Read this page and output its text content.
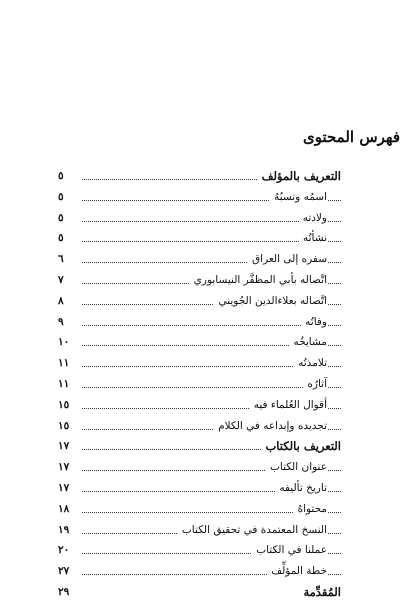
فهرس المحتوى
التعريف بالمؤلف
٥
اسمُه ونسبُهُ
٥
ولادته
٥
نشأتُه
٥
سفره إلى العراق
٦
اتَّصاله بأبي المظفَّر النيسابوري
٧
اتَّصاله بعلاءالدين الجُويني
٨
وفاتُه
٩
مشايخُه
١٠
تلامذتُه
١١
آثارُه
١١
أقوال العُلماء فيه
١٥
تجديده وإبداعه في الكلام
١٥
التعريف بالكتاب
١٧
عنوان الكتاب
١٧
تاريخ تأليفه
١٧
محتواهُ
١٨
النسخ المعتمدة في تحقيق الكتاب
١٩
عملنا في الكتاب
٢٠
خطة المؤلِّف
٢٧
المُقدِّمة
٢٩
